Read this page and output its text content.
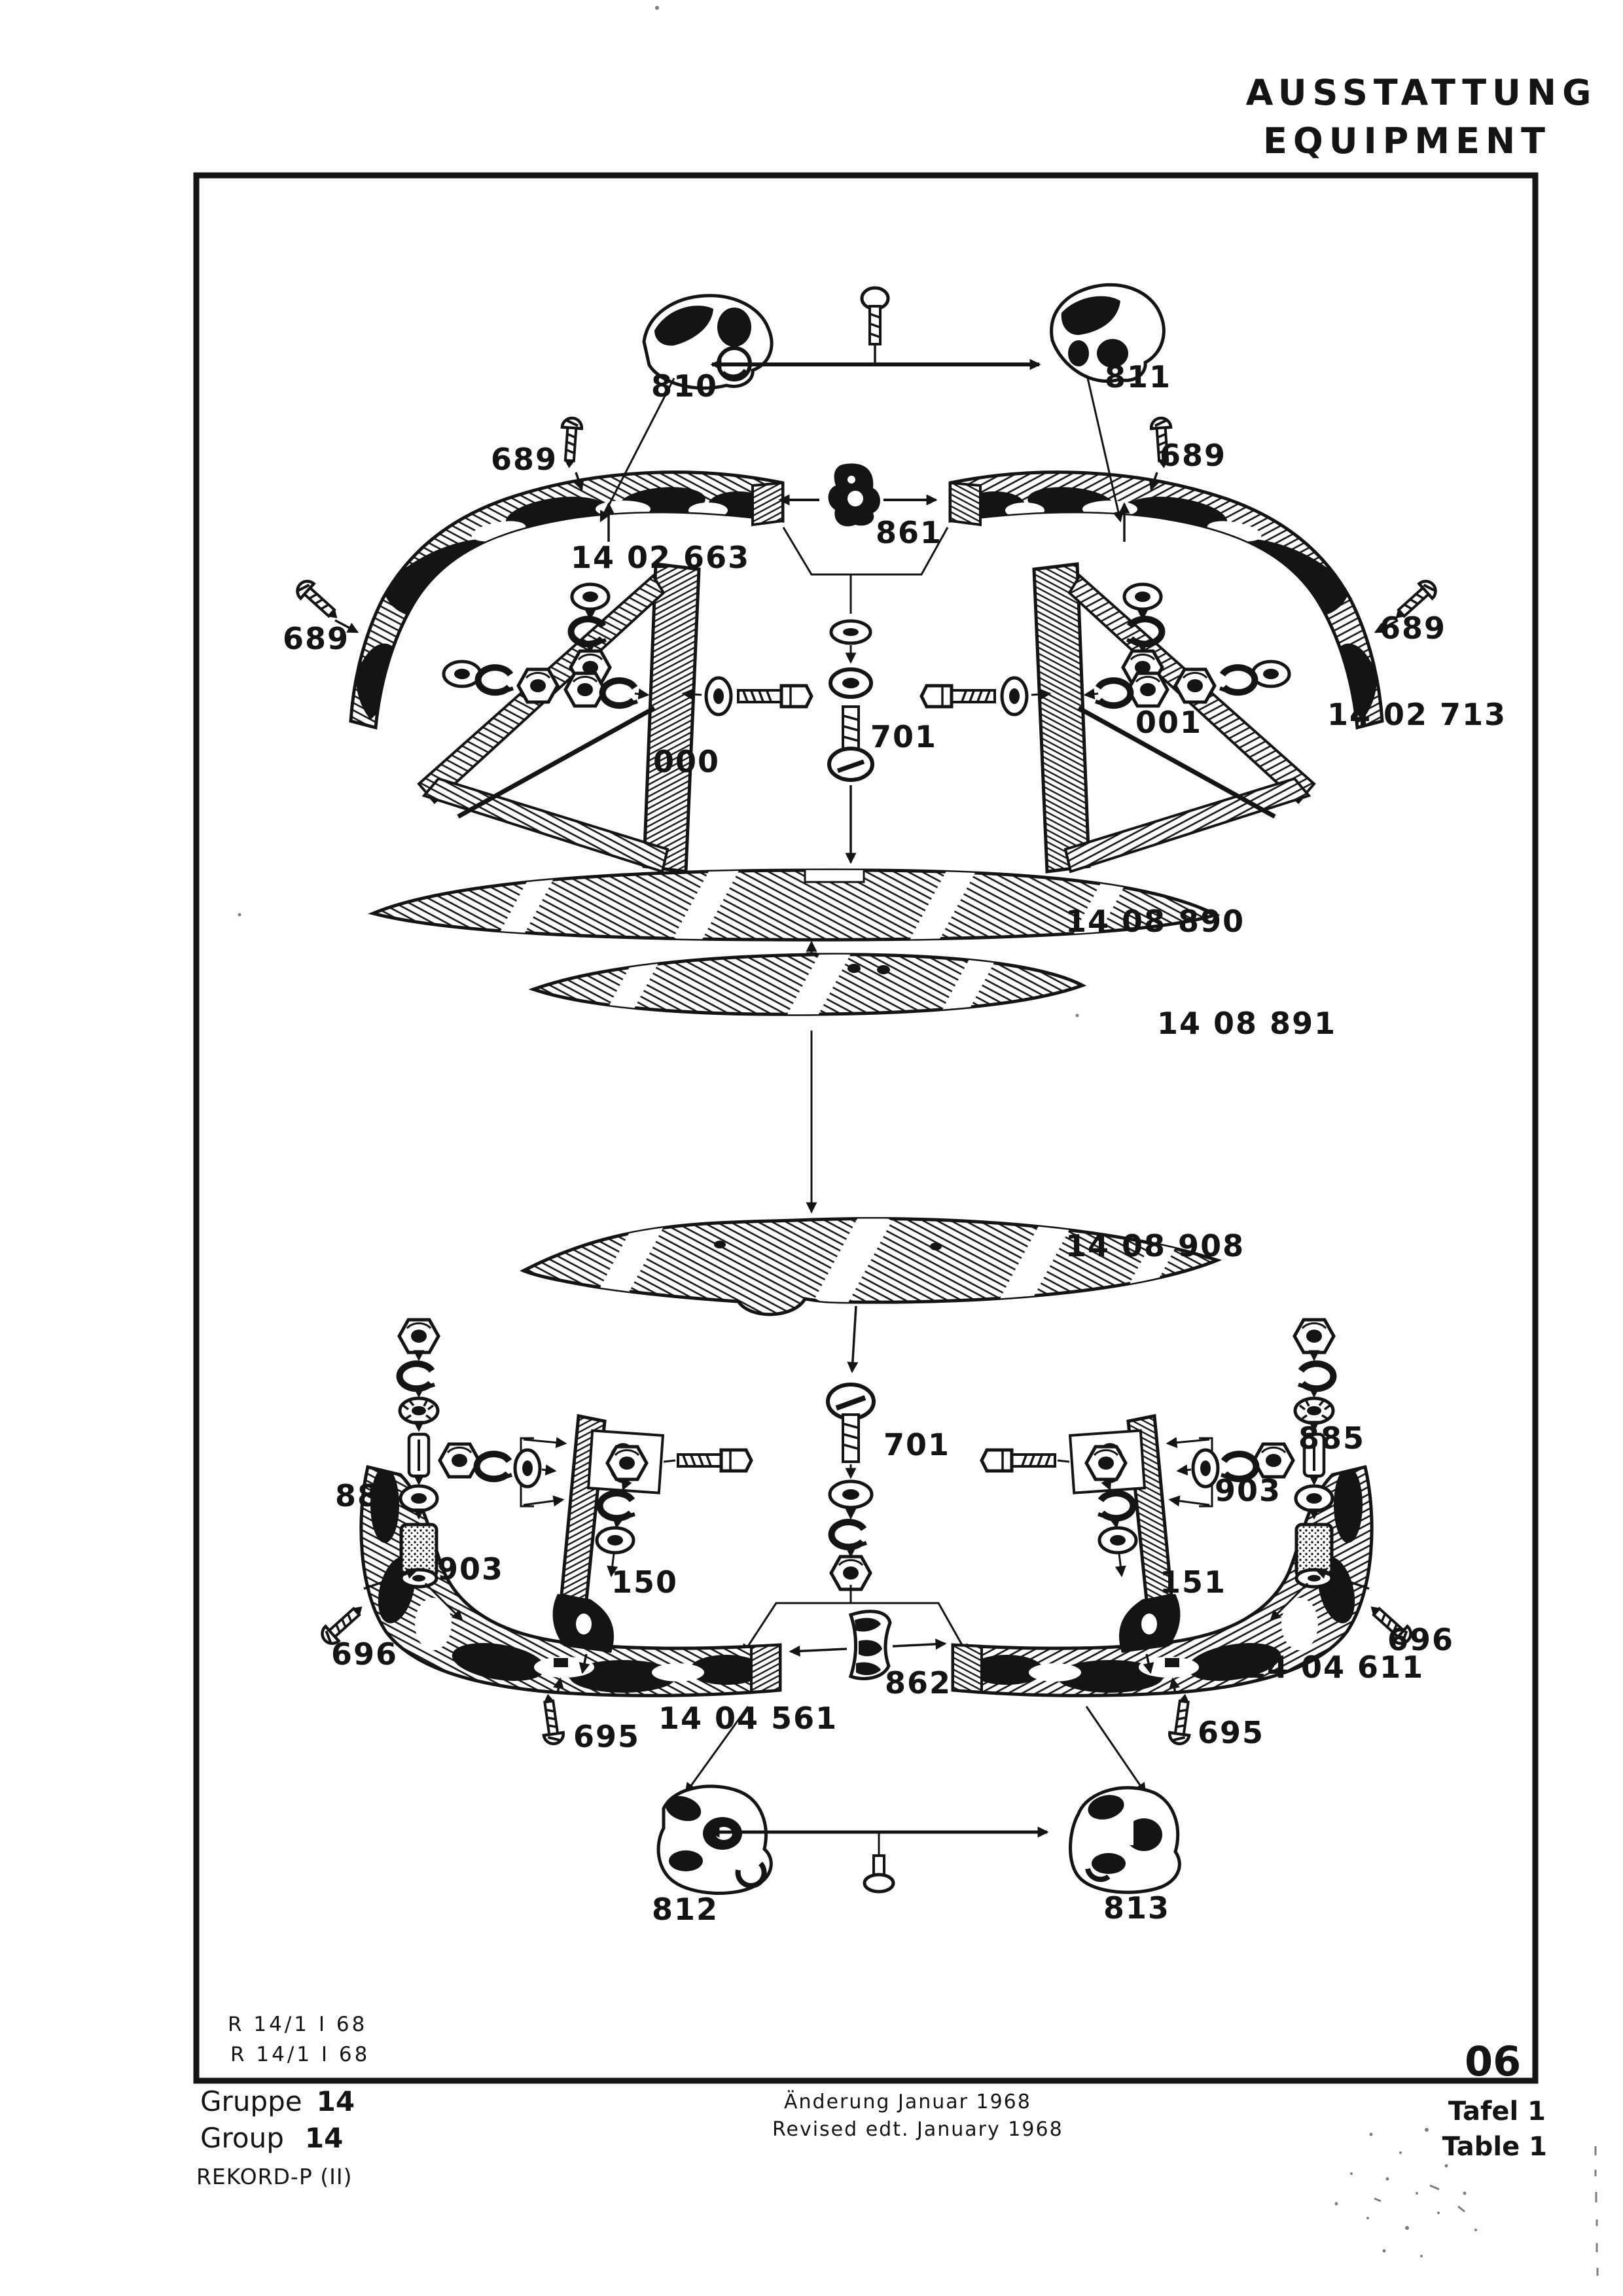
AUSSTATTUNG
EQUIPMENT
810	811
689	689
689	689
861
14 02 663
14 02 713
000
001
701
14 08 890
14 08 891
14 08 908
885
903	150
701
151
903
885
696	696
14 04 561
14 04 611
695	695
862
812	813
R 14/1 I 68
R 14/1 I 68
Gruppe 14
Group 14
REKORD-P (II)
Änderung Januar 1968
Revised edt. January 1968
06
Tafel 1
Table 1
